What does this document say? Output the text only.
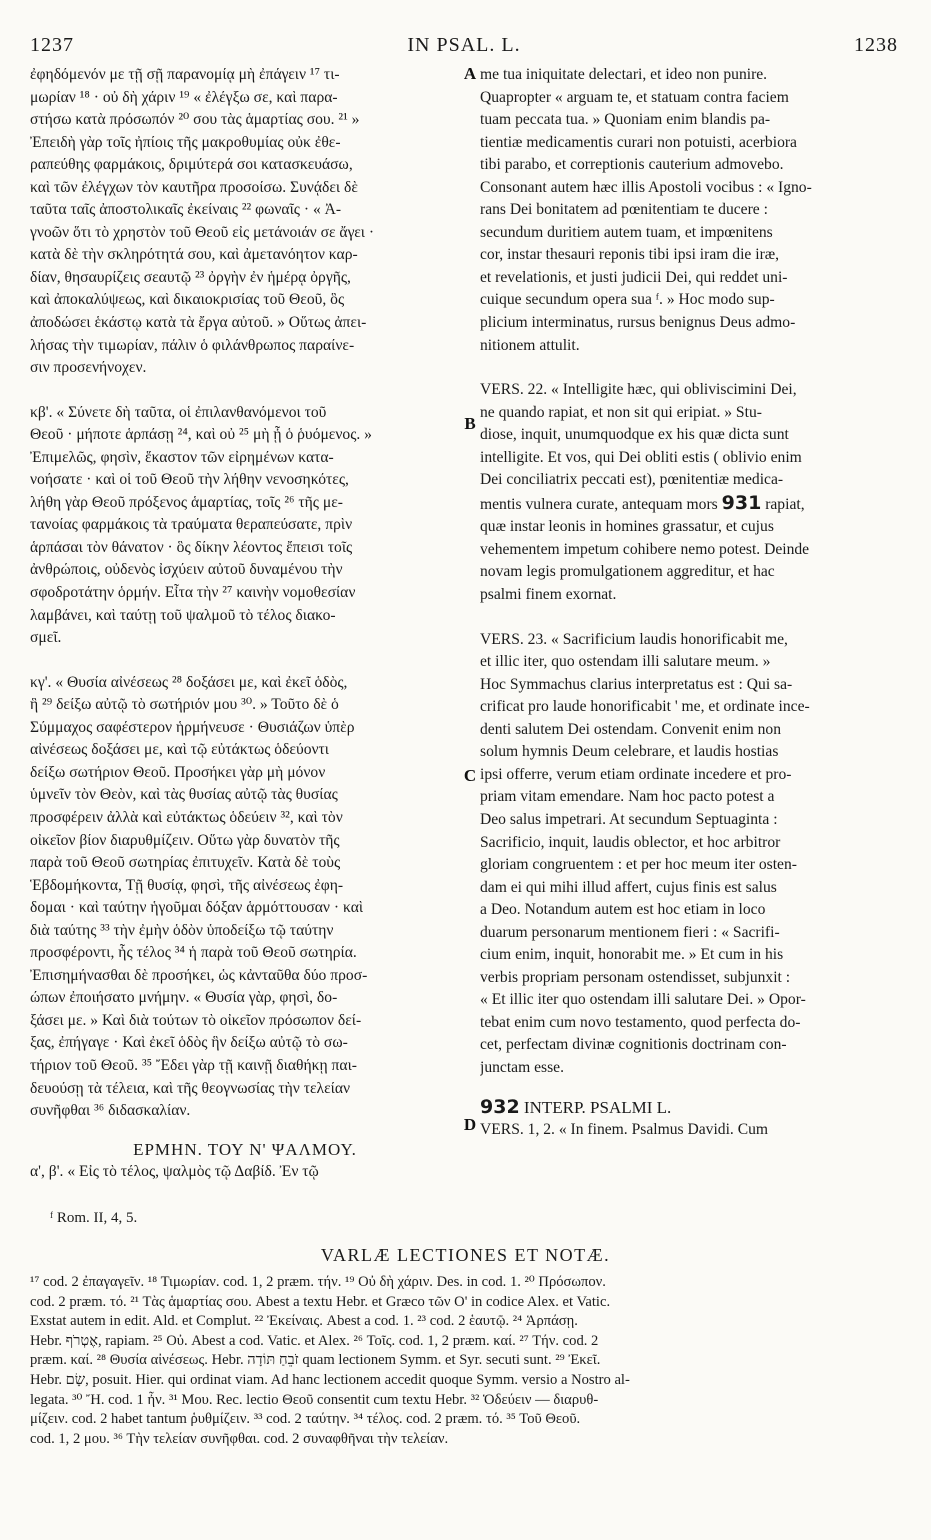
1237	IN PSAL. L.	1238
A
B
C
D
ἐφηδόμενόν με τῇ σῇ παρανομίᾳ μὴ ἐπάγειν ¹⁷ τι-
μωρίαν ¹⁸ · οὐ δὴ χάριν ¹⁹ « ἐλέγξω σε, καὶ παρα-
στήσω κατὰ πρόσωπόν ²⁰ σου τὰς ἁμαρτίας σου. ²¹ »
Ἐπειδὴ γὰρ τοῖς ἠπίοις τῆς μακροθυμίας οὐκ ἐθε-
ραπεύθης φαρμάκοις, δριμύτερά σοι κατασκευάσω,
καὶ τῶν ἐλέγχων τὸν καυτῆρα προσοίσω. Συνᾴδει δὲ
ταῦτα ταῖς ἀποστολικαῖς ἐκείναις ²² φωναῖς · « Ἀ-
γνοῶν ὅτι τὸ χρηστὸν τοῦ Θεοῦ εἰς μετάνοιάν σε ἄγει ·
κατὰ δὲ τὴν σκληρότητά σου, καὶ ἀμετανόητον καρ-
δίαν, θησαυρίζεις σεαυτῷ ²³ ὀργὴν ἐν ἡμέρᾳ ὀργῆς,
καὶ ἀποκαλύψεως, καὶ δικαιοκρισίας τοῦ Θεοῦ, ὃς
ἀποδώσει ἑκάστῳ κατὰ τὰ ἔργα αὐτοῦ. » Οὕτως ἀπει-
λήσας τὴν τιμωρίαν, πάλιν ὁ φιλάνθρωπος παραίνε-
σιν προσενήνοχεν.
κβ'. « Σύνετε δὴ ταῦτα, οἱ ἐπιλανθανόμενοι τοῦ
Θεοῦ · μήποτε ἁρπάσῃ ²⁴, καὶ οὐ ²⁵ μὴ ᾖ ὁ ῥυόμενος. »
Ἐπιμελῶς, φησὶν, ἕκαστον τῶν εἰρημένων κατα-
νοήσατε · καὶ οἱ τοῦ Θεοῦ τὴν λήθην νενοσηκότες,
λήθη γὰρ Θεοῦ πρόξενος ἁμαρτίας, τοῖς ²⁶ τῆς με-
τανοίας φαρμάκοις τὰ τραύματα θεραπεύσατε, πρὶν
ἁρπάσαι τὸν θάνατον · ὃς δίκην λέοντος ἔπεισι τοῖς
ἀνθρώποις, οὐδενὸς ἰσχύειν αὐτοῦ δυναμένου τὴν
σφοδροτάτην ὁρμήν. Εἶτα τὴν ²⁷ καινὴν νομοθεσίαν
λαμβάνει, καὶ ταύτῃ τοῦ ψαλμοῦ τὸ τέλος διακο-
σμεῖ.
κγ'. « Θυσία αἰνέσεως ²⁸ δοξάσει με, καὶ ἐκεῖ ὁδὸς,
ἣ ²⁹ δείξω αὐτῷ τὸ σωτήριόν μου ³⁰. » Τοῦτο δὲ ὁ
Σύμμαχος σαφέστερον ἡρμήνευσε · Θυσιάζων ὑπὲρ
αἰνέσεως δοξάσει με, καὶ τῷ εὐτάκτως ὁδεύοντι
δείξω σωτήριον Θεοῦ. Προσήκει γὰρ μὴ μόνον
ὑμνεῖν τὸν Θεὸν, καὶ τὰς θυσίας αὐτῷ τὰς θυσίας
προσφέρειν ἀλλὰ καὶ εὐτάκτως ὁδεύειν ³², καὶ τὸν
οἰκεῖον βίον διαρυθμίζειν. Οὕτω γὰρ δυνατὸν τῆς
παρὰ τοῦ Θεοῦ σωτηρίας ἐπιτυχεῖν. Κατὰ δὲ τοὺς
Ἑβδομήκοντα, Τῇ θυσίᾳ, φησὶ, τῆς αἰνέσεως ἐφη-
δομαι · καὶ ταύτην ἡγοῦμαι δόξαν ἁρμόττουσαν · καὶ
διὰ ταύτης ³³ τὴν ἐμὴν ὁδὸν ὑποδείξω τῷ ταύτην
προσφέροντι, ἧς τέλος ³⁴ ἡ παρὰ τοῦ Θεοῦ σωτηρία.
Ἐπισημήνασθαι δὲ προσήκει, ὡς κἀνταῦθα δύο προσ-
ώπων ἐποιήσατο μνήμην. « Θυσία γὰρ, φησὶ, δο-
ξάσει με. » Καὶ διὰ τούτων τὸ οἰκεῖον πρόσωπον δεί-
ξας, ἐπήγαγε · Καὶ ἐκεῖ ὁδὸς ἣν δείξω αὐτῷ τὸ σω-
τήριον τοῦ Θεοῦ. ³⁵ Ἔδει γὰρ τῇ καινῇ διαθήκῃ παι-
δευούσῃ τὰ τέλεια, καὶ τῆς θεογνωσίας τὴν τελείαν
συνῆφθαι ³⁶ διδασκαλίαν.
ΕΡΜΗΝ. ΤΟΥ Ν' ΨΑΛΜΟΥ.
α', β'. « Εἰς τὸ τέλος, ψαλμὸς τῷ Δαβίδ. Ἐν τῷ
me tua iniquitate delectari, et ideo non punire.
Quapropter « arguam te, et statuam contra faciem
tuam peccata tua. » Quoniam enim blandis pa-
tientiæ medicamentis curari non potuisti, acerbiora
tibi parabo, et correptionis cauterium admovebo.
Consonant autem hæc illis Apostoli vocibus : « Igno-
rans Dei bonitatem ad pœnitentiam te ducere :
secundum duritiem autem tuam, et impœnitens
cor, instar thesauri reponis tibi ipsi iram die iræ,
et revelationis, et justi judicii Dei, qui reddet uni-
cuique secundum opera sua ᶠ. » Hoc modo sup-
plicium interminatus, rursus benignus Deus admo-
nitionem attulit.
VERS. 22. « Intelligite hæc, qui obliviscimini Dei,
ne quando rapiat, et non sit qui eripiat. » Stu-
diose, inquit, unumquodque ex his quæ dicta sunt
intelligite. Et vos, qui Dei obliti estis ( oblivio enim
Dei conciliatrix peccati est), pœnitentiæ medica-
mentis vulnera curate, antequam mors 931 rapiat,
quæ instar leonis in homines grassatur, et cujus
vehementem impetum cohibere nemo potest. Deinde
novam legis promulgationem aggreditur, et hac
psalmi finem exornat.
VERS. 23. « Sacrificium laudis honorificabit me,
et illic iter, quo ostendam illi salutare meum. »
Hoc Symmachus clarius interpretatus est : Qui sa-
crificat pro laude honorificabit ' me, et ordinate ince-
denti salutem Dei ostendam. Convenit enim non
solum hymnis Deum celebrare, et laudis hostias
ipsi offerre, verum etiam ordinate incedere et pro-
priam vitam emendare. Nam hoc pacto potest a
Deo salus impetrari. At secundum Septuaginta :
Sacrificio, inquit, laudis oblector, et hoc arbitror
gloriam congruentem : et per hoc meum iter osten-
dam ei qui mihi illud affert, cujus finis est salus
a Deo. Notandum autem est hoc etiam in loco
duarum personarum mentionem fieri : « Sacrifi-
cium enim, inquit, honorabit me. » Et cum in his
verbis propriam personam ostendisset, subjunxit :
« Et illic iter quo ostendam illi salutare Dei. » Opor-
tebat enim cum novo testamento, quod perfecta do-
cet, perfectam divinæ cognitionis doctrinam con-
junctam esse.
932 INTERP. PSALMI L.
VERS. 1, 2. « In finem. Psalmus Davidi. Cum
ᶠ Rom. II, 4, 5.
VARLÆ LECTIONES ET NOTÆ.
¹⁷ cod. 2 ἐπαγαγεῖν. ¹⁸ Τιμωρίαν. cod. 1, 2 præm. τήν. ¹⁹ Οὐ δὴ χάριν. Des. in cod. 1. ²⁰ Πρόσωπον.
cod. 2 præm. τό. ²¹ Τὰς ἁμαρτίας σου. Abest a textu Hebr. et Græco τῶν Ο' in codice Alex. et Vatic.
Exstat autem in edit. Ald. et Complut. ²² Ἐκείναις. Abest a cod. 1. ²³ cod. 2 ἑαυτῷ. ²⁴ Ἁρπάσῃ.
Hebr. אֶטְרֹף, rapiam. ²⁵ Οὐ. Abest a cod. Vatic. et Alex. ²⁶ Τοῖς. cod. 1, 2 præm. καί. ²⁷ Τήν. cod. 2
præm. καί. ²⁸ Θυσία αἰνέσεως. Hebr. זֹבֵחַ תּוֹדָה quam lectionem Symm. et Syr. secuti sunt. ²⁹ Ἐκεῖ.
Hebr. שָׂם, posuit. Hier. qui ordinat viam. Ad hanc lectionem accedit quoque Symm. versio a Nostro al-
legata. ³⁰ Ἤ. cod. 1 ἦν. ³¹ Μου. Rec. lectio Θεοῦ consentit cum textu Hebr. ³² Ὁδεύειν — διαρυθ-
μίζειν. cod. 2 habet tantum ῥυθμίζειν. ³³ cod. 2 ταύτην. ³⁴ τέλος. cod. 2 præm. τό. ³⁵ Τοῦ Θεοῦ.
cod. 1, 2 μου. ³⁶ Τὴν τελείαν συνῆφθαι. cod. 2 συναφθῆναι τὴν τελείαν.
